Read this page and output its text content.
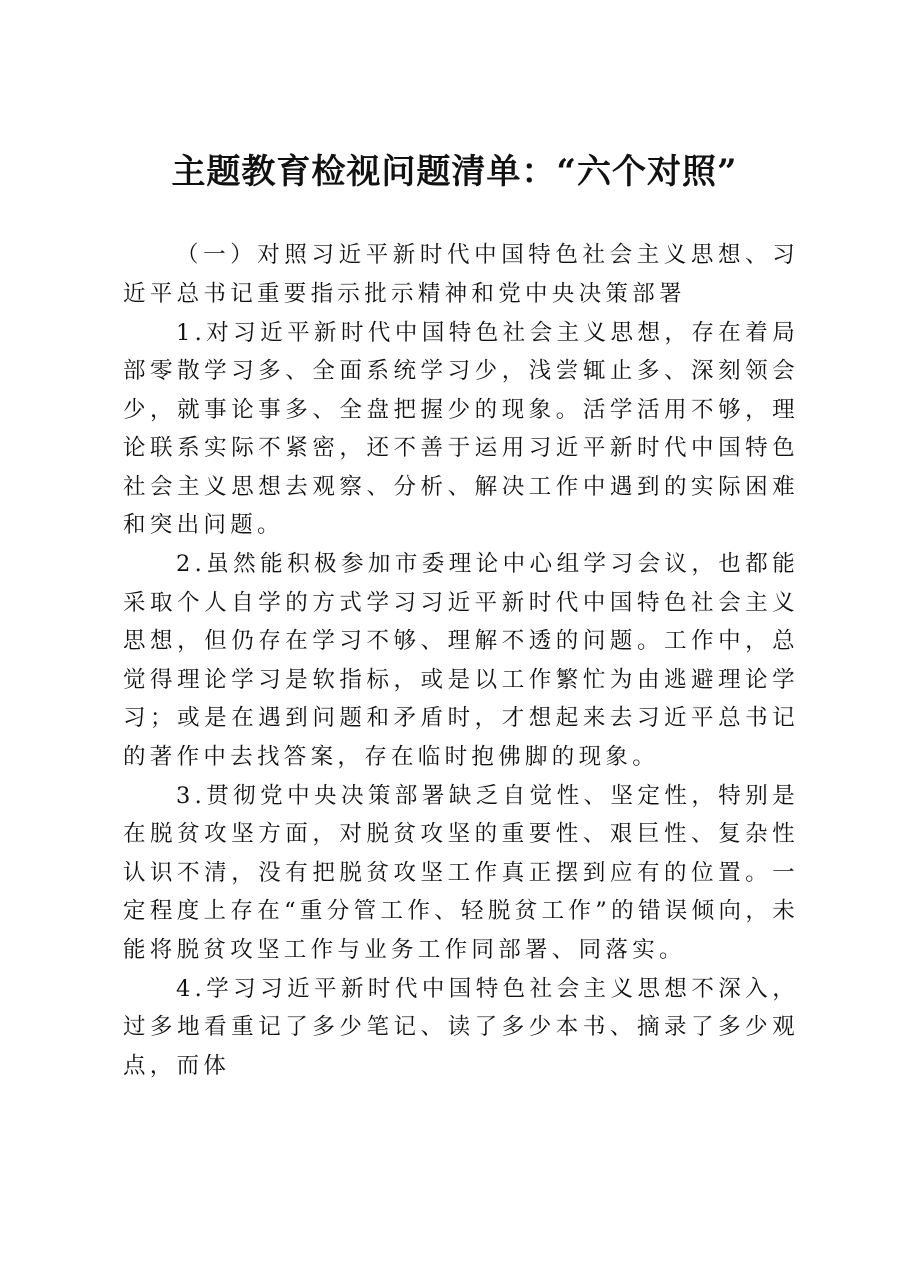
主题教育检视问题清单：“六个对照”

（一）对照习近平新时代中国特色社会主义思想、习近平总书记重要指示批示精神和党中央决策部署

1.对习近平新时代中国特色社会主义思想，存在着局部零散学习多、全面系统学习少，浅尝辄止多、深刻领会少，就事论事多、全盘把握少的现象。活学活用不够，理论联系实际不紧密，还不善于运用习近平新时代中国特色社会主义思想去观察、分析、解决工作中遇到的实际困难和突出问题。

2.虽然能积极参加市委理论中心组学习会议，也都能采取个人自学的方式学习习近平新时代中国特色社会主义思想，但仍存在学习不够、理解不透的问题。工作中，总觉得理论学习是软指标，或是以工作繁忙为由逃避理论学习；或是在遇到问题和矛盾时，才想起来去习近平总书记的著作中去找答案，存在临时抱佛脚的现象。

3.贯彻党中央决策部署缺乏自觉性、坚定性，特别是在脱贫攻坚方面，对脱贫攻坚的重要性、艰巨性、复杂性认识不清，没有把脱贫攻坚工作真正摆到应有的位置。一定程度上存在“重分管工作、轻脱贫工作”的错误倾向，未能将脱贫攻坚工作与业务工作同部署、同落实。

4.学习习近平新时代中国特色社会主义思想不深入，过多地看重记了多少笔记、读了多少本书、摘录了多少观点，而体
